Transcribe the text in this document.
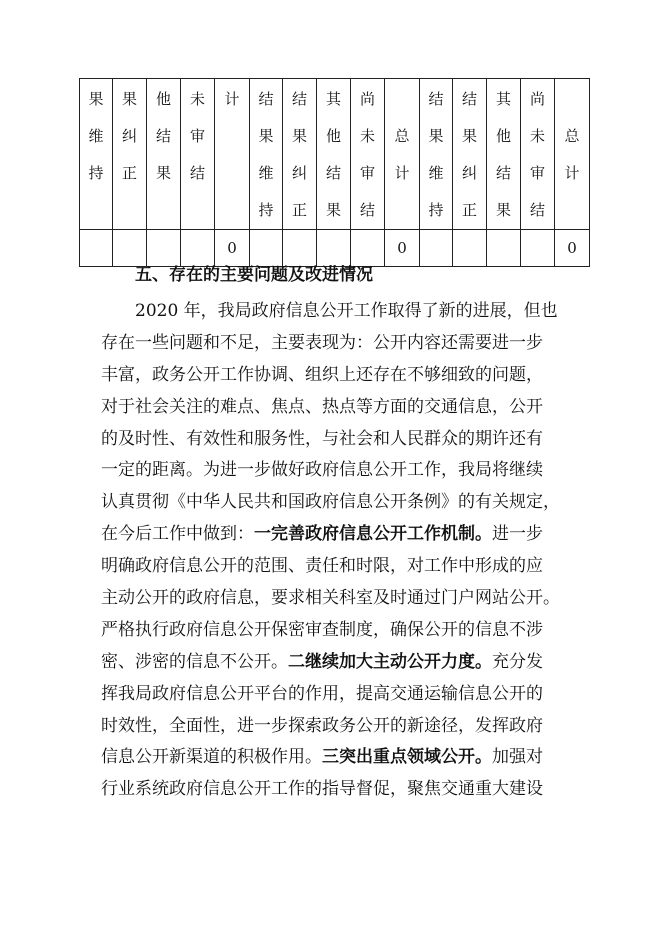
果维持	果纠正	他结果	未审结	计	结果维持	结果纠正	其他结果	尚未审结	总计	结果维持	结果纠正	其他结果	尚未审结	总计
				0					0					0
五、存在的主要问题及改进情况
2020 年，我局政府信息公开工作取得了新的进展，但也
存在一些问题和不足，主要表现为：公开内容还需要进一步
丰富，政务公开工作协调、组织上还存在不够细致的问题，
对于社会关注的难点、焦点、热点等方面的交通信息，公开
的及时性、有效性和服务性，与社会和人民群众的期许还有
一定的距离。为进一步做好政府信息公开工作，我局将继续
认真贯彻《中华人民共和国政府信息公开条例》的有关规定，
在今后工作中做到：一完善政府信息公开工作机制。进一步
明确政府信息公开的范围、责任和时限，对工作中形成的应
主动公开的政府信息，要求相关科室及时通过门户网站公开。
严格执行政府信息公开保密审查制度，确保公开的信息不涉
密、涉密的信息不公开。二继续加大主动公开力度。充分发
挥我局政府信息公开平台的作用，提高交通运输信息公开的
时效性，全面性，进一步探索政务公开的新途径，发挥政府
信息公开新渠道的积极作用。三突出重点领域公开。加强对
行业系统政府信息公开工作的指导督促，聚焦交通重大建设
